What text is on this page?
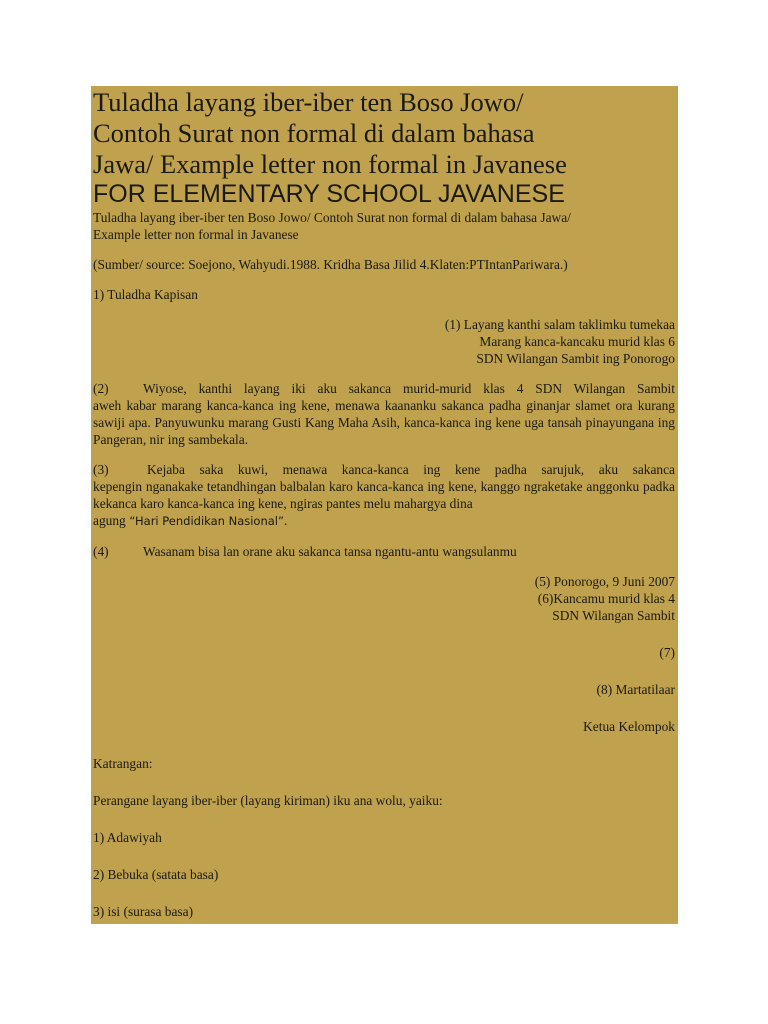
Tuladha layang iber-iber ten Boso Jowo/
Contoh Surat non formal di dalam bahasa
Jawa/ Example letter non formal in Javanese
FOR ELEMENTARY SCHOOL JAVANESE
Tuladha layang iber-iber ten Boso Jowo/ Contoh Surat non formal di dalam bahasa Jawa/
Example letter non formal in Javanese
(Sumber/ source: Soejono, Wahyudi.1988. Kridha Basa Jilid 4.Klaten:PTIntanPariwara.)
1) Tuladha Kapisan
(1) Layang kanthi salam taklimku tumekaa
Marang kanca-kancaku murid klas 6
SDN Wilangan Sambit ing Ponorogo
(2)	Wiyose, kanthi layang iki aku sakanca murid-murid klas 4 SDN Wilangan Sambit
aweh kabar marang kanca-kanca ing kene, menawa kaananku sakanca padha ginanjar slamet ora kurang sawiji apa. Panyuwunku marang Gusti Kang Maha Asih, kanca-kanca ing kene uga tansah pinayungana ing Pangeran, nir ing sambekala.
(3)	Kejaba saka kuwi, menawa kanca-kanca ing kene padha sarujuk, aku sakanca
kepengin nganakake tetandhingan balbalan karo kanca-kanca ing kene, kanggo ngraketake anggonku padka kekanca karo kanca-kanca ing kene, ngiras pantes melu mahargya dina
agung “Hari Pendidikan Nasional”.
(4)	Wasanam bisa lan orane aku sakanca tansa ngantu-antu wangsulanmu
(5) Ponorogo, 9 Juni 2007
(6)Kancamu murid klas 4
SDN Wilangan Sambit
(7)
(8) Martatilaar
Ketua Kelompok
Katrangan:
Perangane layang iber-iber (layang kiriman) iku ana wolu, yaiku:
1) Adawiyah
2) Bebuka (satata basa)
3) isi (surasa basa)
